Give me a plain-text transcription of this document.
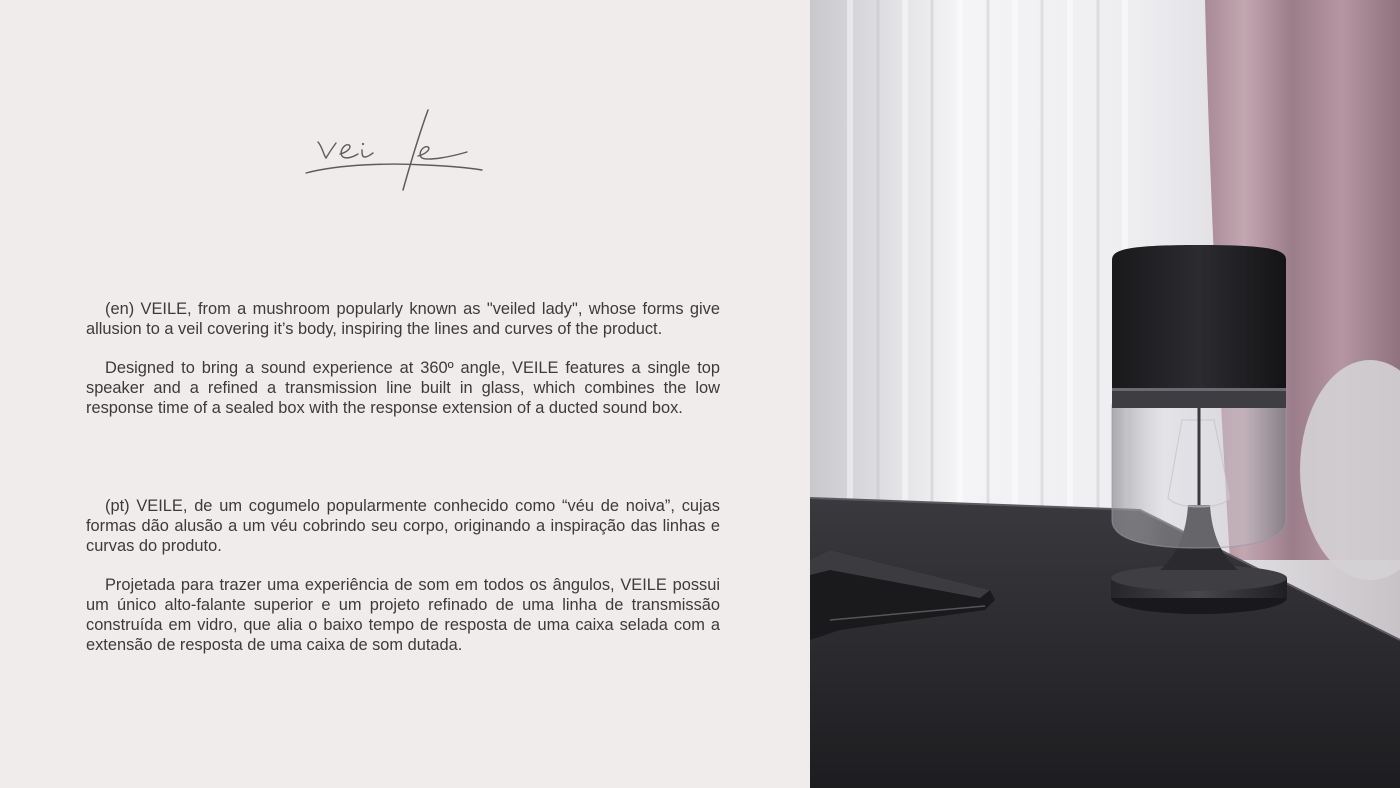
(en) VEILE, from a mushroom popularly known as "veiled lady", whose forms give allusion to a veil covering it’s body, inspiring the lines and curves of the product.

Designed to bring a sound experience at 360º angle, VEILE features a single top speaker and a refined a transmission line built in glass, which combines the low response time of a sealed box with the response extension of a ducted sound box.

(pt) VEILE, de um cogumelo popularmente conhecido como “véu de noiva”, cujas formas dão alusão a um véu cobrindo seu corpo, originando a inspiração das linhas e curvas do produto.

Projetada para trazer uma experiência de som em todos os ângulos, VEILE possui um único alto-falante superior e um projeto refinado de uma linha de transmissão construída em vidro, que alia o baixo tempo de resposta de uma caixa selada com a extensão de resposta de uma caixa de som dutada.
